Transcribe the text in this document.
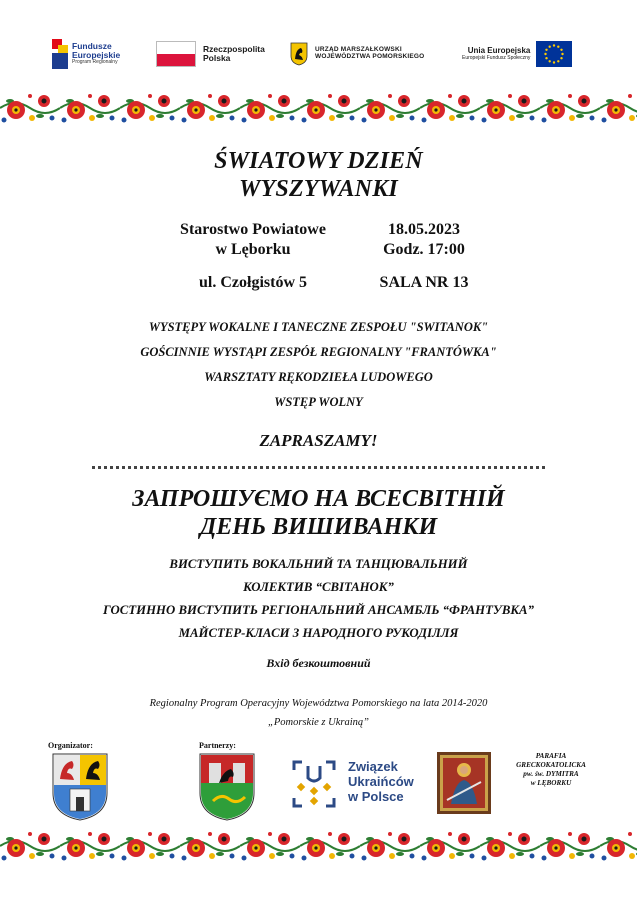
Fundusze
Europejskie
Program Regionalny
Rzeczpospolita
Polska
URZĄD MARSZAŁKOWSKI
WOJEWÓDZTWA POMORSKIEGO
Unia Europejska
Europejski Fundusz Społeczny
ŚWIATOWY DZIEŃ
WYSZYWANKI
Starostwo Powiatowe
w Lęborku
18.05.2023
Godz. 17:00
ul. Czołgistów 5	SALA NR 13
WYSTĘPY WOKALNE I TANECZNE ZESPOŁU "SWITANOK"
GOŚCINNIE WYSTĄPI ZESPÓŁ REGIONALNY "FRANTÓWKA"
WARSZTATY RĘKODZIEŁA LUDOWEGO
WSTĘP WOLNY
ZAPRASZAMY!
ЗАПРОШУЄМО НА ВСЕСВІТНІЙ
ДЕНЬ ВИШИВАНКИ
ВИСТУПИТЬ ВОКАЛЬНИЙ ТА ТАНЦЮВАЛЬНИЙ
КОЛЕКТИВ “СВІТАНОК”
ГОСТИННО ВИСТУПИТЬ РЕГІОНАЛЬНИЙ АНСАМБЛЬ “ФРАНТУВКА”
МАЙСТЕР-КЛАСИ З НАРОДНОГО РУКОДІЛЛЯ
Вхід безкоштовний
Regionalny Program Operacyjny Województwa Pomorskiego na lata 2014-2020
„Pomorskie z Ukrainą”
Organizator:	Partnerzy:
Związek
Ukraińców
w Polsce
PARAFIA
GRECKOKATOLICKA
pw. św. DYMITRA
w LĘBORKU
